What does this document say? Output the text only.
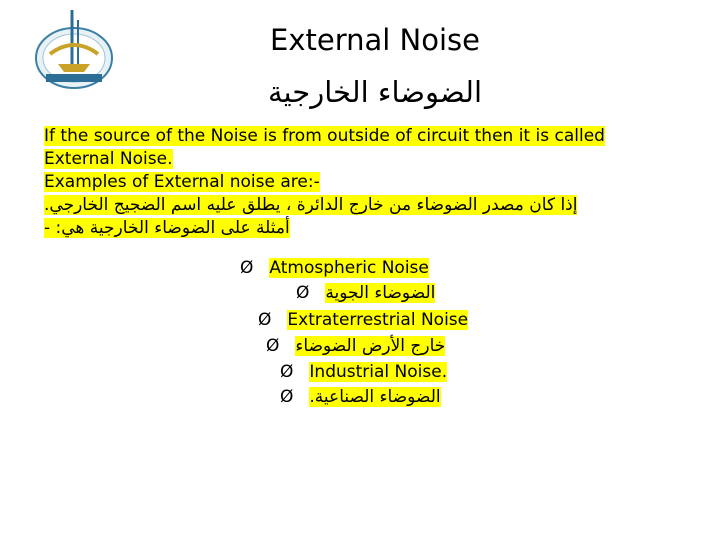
External Noise
الضوضاء الخارجية
If the source of the Noise is from outside of circuit then it is called
External Noise.
Examples of External noise are:-
إذا كان مصدر الضوضاء من خارج الدائرة ، يطلق عليه اسم الضجيج الخارجي.
أمثلة على الضوضاء الخارجية هي: -
Ø Atmospheric Noise
Ø الضوضاء الجوية
Ø Extraterrestrial Noise
Ø خارج الأرض الضوضاء
Ø Industrial Noise.
Ø الضوضاء الصناعية.
